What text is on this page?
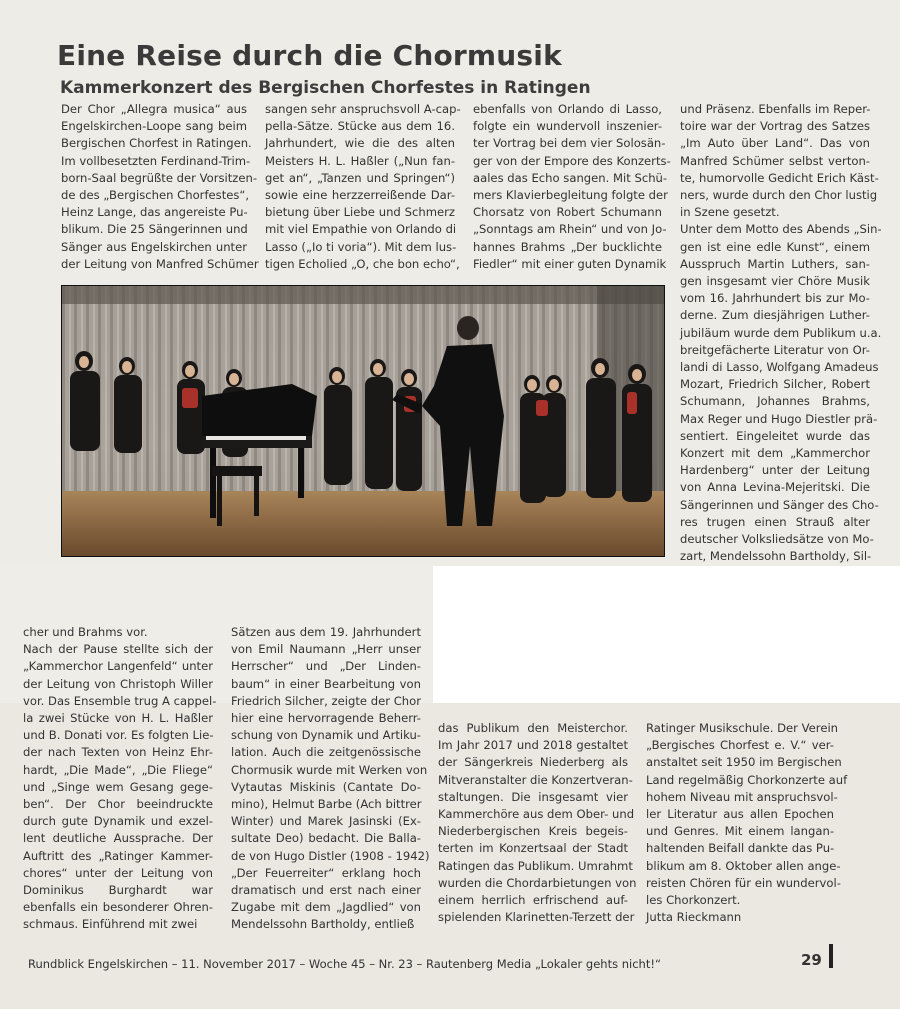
Eine Reise durch die Chormusik
Kammerkonzert des Bergischen Chorfestes in Ratingen
Der Chor „Allegra musica“ aus
Engelskirchen-Loope sang beim
Bergischen Chorfest in Ratingen.
Im vollbesetzten Ferdinand-Trim-
born-Saal begrüßte der Vorsitzen-
de des „Bergischen Chorfestes“,
Heinz Lange, das angereiste Pu-
blikum. Die 25 Sängerinnen und
Sänger aus Engelskirchen unter
der Leitung von Manfred Schümer
sangen sehr anspruchsvoll A-cap-
pella-Sätze. Stücke aus dem 16.
Jahrhundert, wie die des alten
Meisters H. L. Haßler („Nun fan-
get an“, „Tanzen und Springen“)
sowie eine herzzerreißende Dar-
bietung über Liebe und Schmerz
mit viel Empathie von Orlando di
Lasso („Io ti voria“). Mit dem lus-
tigen Echolied „O, che bon echo“,
ebenfalls von Orlando di Lasso,
folgte ein wundervoll inszenier-
ter Vortrag bei dem vier Solosän-
ger von der Empore des Konzerts-
aales das Echo sangen. Mit Schü-
mers Klavierbegleitung folgte der
Chorsatz von Robert Schumann
„Sonntags am Rhein“ und von Jo-
hannes Brahms „Der bucklichte
Fiedler“ mit einer guten Dynamik
und Präsenz. Ebenfalls im Reper-
toire war der Vortrag des Satzes
„Im Auto über Land“. Das von
Manfred Schümer selbst verton-
te, humorvolle Gedicht Erich Käst-
ners, wurde durch den Chor lustig
in Szene gesetzt.
Unter dem Motto des Abends „Sin-
gen ist eine edle Kunst“, einem
Ausspruch Martin Luthers, san-
gen insgesamt vier Chöre Musik
vom 16. Jahrhundert bis zur Mo-
derne. Zum diesjährigen Luther-
jubiläum wurde dem Publikum u.a.
breitgefächerte Literatur von Or-
landi di Lasso, Wolfgang Amadeus
Mozart, Friedrich Silcher, Robert
Schumann, Johannes Brahms,
Max Reger und Hugo Diestler prä-
sentiert. Eingeleitet wurde das
Konzert mit dem „Kammerchor
Hardenberg“ unter der Leitung
von Anna Levina-Mejeritski. Die
Sängerinnen und Sänger des Cho-
res trugen einen Strauß alter
deutscher Volksliedsätze von Mo-
zart, Mendelssohn Bartholdy, Sil-
cher und Brahms vor.
Nach der Pause stellte sich der
„Kammerchor Langenfeld“ unter
der Leitung von Christoph Willer
vor. Das Ensemble trug A cappel-
la zwei Stücke von H. L. Haßler
und B. Donati vor. Es folgten Lie-
der nach Texten von Heinz Ehr-
hardt, „Die Made“, „Die Fliege“
und „Singe wem Gesang gege-
ben“. Der Chor beeindruckte
durch gute Dynamik und exzel-
lent deutliche Aussprache. Der
Auftritt des „Ratinger Kammer-
chores“ unter der Leitung von
Dominikus Burghardt war
ebenfalls ein besonderer Ohren-
schmaus. Einführend mit zwei
Sätzen aus dem 19. Jahrhundert
von Emil Naumann „Herr unser
Herrscher“ und „Der Linden-
baum“ in einer Bearbeitung von
Friedrich Silcher, zeigte der Chor
hier eine hervorragende Beherr-
schung von Dynamik und Artiku-
lation. Auch die zeitgenössische
Chormusik wurde mit Werken von
Vytautas Miskinis (Cantate Do-
mino), Helmut Barbe (Ach bittrer
Winter) und Marek Jasinski (Ex-
sultate Deo) bedacht. Die Balla-
de von Hugo Distler (1908 - 1942)
„Der Feuerreiter“ erklang hoch
dramatisch und erst nach einer
Zugabe mit dem „Jagdlied“ von
Mendelssohn Bartholdy, entließ
das Publikum den Meisterchor.
Im Jahr 2017 und 2018 gestaltet
der Sängerkreis Niederberg als
Mitveranstalter die Konzertveran-
staltungen. Die insgesamt vier
Kammerchöre aus dem Ober- und
Niederbergischen Kreis begeis-
terten im Konzertsaal der Stadt
Ratingen das Publikum. Umrahmt
wurden die Chordarbietungen von
einem herrlich erfrischend auf-
spielenden Klarinetten-Terzett der
Ratinger Musikschule. Der Verein
„Bergisches Chorfest e. V.“ ver-
anstaltet seit 1950 im Bergischen
Land regelmäßig Chorkonzerte auf
hohem Niveau mit anspruchsvol-
ler Literatur aus allen Epochen
und Genres. Mit einem langan-
haltenden Beifall dankte das Pu-
blikum am 8. Oktober allen ange-
reisten Chören für ein wundervol-
les Chorkonzert.
Jutta Rieckmann
Rundblick Engelskirchen – 11. November 2017 – Woche 45 – Nr. 23 – Rautenberg Media „Lokaler gehts nicht!“	29
